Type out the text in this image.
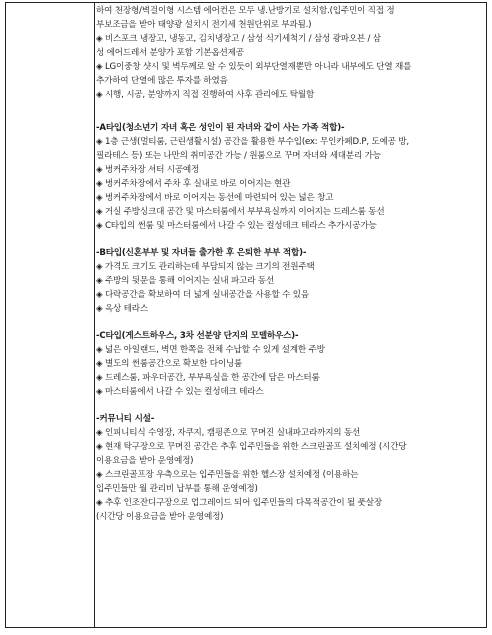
하여 천장형/벽걸이형 시스템 에어컨은 모두 냉.난방기로 설치함.(입주민이 직접 정
부보조금을 받아 태양광 설치시 전기세 천원단위로 부과됨.)
◈ 비스포크 냉장고, 냉동고, 김치냉장고 / 삼성 식기세척기 / 삼성 광파오븐 / 삼
성 에어드레서 분양가 포함 기본옵션제공
◈ LG이중창 샷시 및 벽두께로 알 수 있듯이 외부단열재뿐만 아니라 내부에도 단열 재를
추가하여 단열에 많은 투자를 하였음
◈ 시행, 시공, 분양까지 직접 진행하여 사후 관리에도 탁월함
-A타입(청소년기 자녀 혹은 성인이 된 자녀와 같이 사는 가족 적합)-
◈ 1층 근생(멀티룸, 근린생활시설) 공간을 활용한 부수입(ex: 무인카페D.P, 도예공 방,
필라테스 등) 또는 나만의 취미공간 가능 / 원룸으로 꾸며 자녀와 세대분리 가능
◈ 벙커주차장 셔터 시공예정
◈ 벙커주차장에서 주차 후 실내로 바로 이어지는 현관
◈ 벙커주차장에서 바로 이어지는 동선에 마련되어 있는 넓은 창고
◈ 거실 주방싱크대 공간 및 마스터룸에서 부부욕실까지 이어지는 드레스룸 동선
◈ C타입의 썬룸 및 마스터룸에서 나갈 수 있는 컬성데크 테라스 추가시공가능
-B타입(신혼부부 및 자녀들 출가한 후 은퇴한 부부 적합)-
◈ 가격도 크기도 관리하는데 부담되지 않는 크기의 전원주택
◈ 주방의 뒷문을 통해 이어지는 실내 파고라 동선
◈ 다락공간을 확보하여 더 넓게 실내공간을 사용할 수 있음
◈ 옥상 테라스
-C타입(게스트하우스, 3차 선분양 단지의 모델하우스)-
◈ 넓은 아일랜드, 벽면 한쪽을 전체 수납할 수 있게 설계한 주방
◈ 별도의 썬룸공간으로 확보한 다이닝룸
◈ 드레스룸, 파우더공간, 부부욕실을 한 공간에 담은 마스터룸
◈ 마스터룸에서 나갈 수 있는 컬성데크 테라스
-커뮤니티 시설-
◈ 인피니티식 수영장, 자쿠지, 캠핑존으로 꾸며진 실내파고라까지의 동선
◈ 현재 탁구장으로 꾸며진 공간은 추후 입주민들을 위한 스크린골프 설치예정 (시간당
이용요금을 받아 운영예정)
◈ 스크린골프장 우측으로는 입주민들을 위한 헬스장 설치예정 (이용하는
입주민들만 월 관리비 납부를 통해 운영예정)
◈ 추후 인조잔디구장으로 업그레이드 되어 입주민들의 다목적공간이 될 풋살장
(시간당 이용요금을 받아 운영예정)
